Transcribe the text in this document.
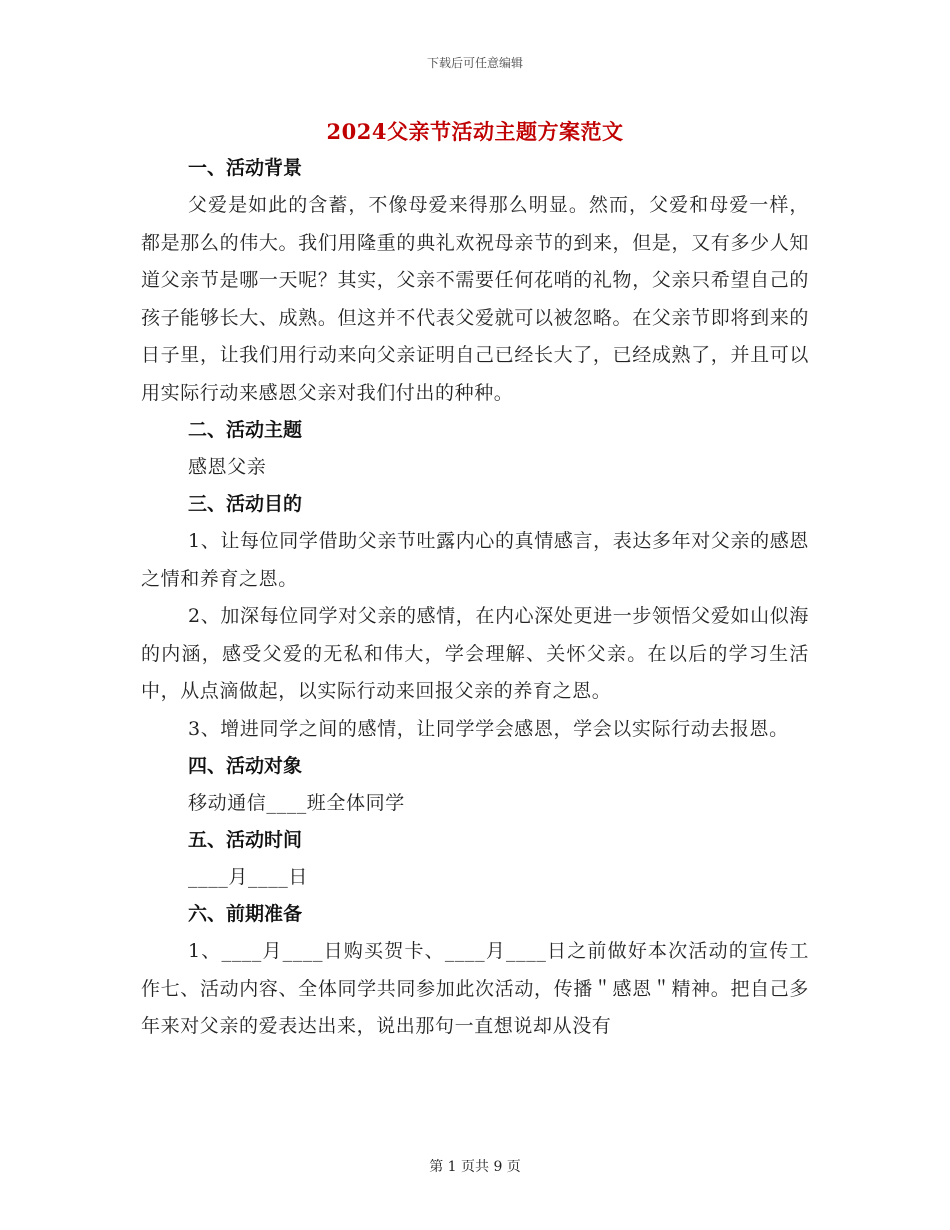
下载后可任意编辑
2024父亲节活动主题方案范文

一、活动背景

父爱是如此的含蓄，不像母爱来得那么明显。然而，父爱和母爱一样，都是那么的伟大。我们用隆重的典礼欢祝母亲节的到来，但是，又有多少人知道父亲节是哪一天呢？其实，父亲不需要任何花哨的礼物，父亲只希望自己的孩子能够长大、成熟。但这并不代表父爱就可以被忽略。在父亲节即将到来的日子里，让我们用行动来向父亲证明自己已经长大了，已经成熟了，并且可以用实际行动来感恩父亲对我们付出的种种。

二、活动主题

感恩父亲

三、活动目的

1、让每位同学借助父亲节吐露内心的真情感言，表达多年对父亲的感恩之情和养育之恩。

2、加深每位同学对父亲的感情，在内心深处更进一步领悟父爱如山似海的内涵，感受父爱的无私和伟大，学会理解、关怀父亲。在以后的学习生活中，从点滴做起，以实际行动来回报父亲的养育之恩。

3、增进同学之间的感情，让同学学会感恩，学会以实际行动去报恩。

四、活动对象

移动通信____班全体同学

五、活动时间

____月____日

六、前期准备

1、____月____日购买贺卡、____月____日之前做好本次活动的宣传工作七、活动内容、全体同学共同参加此次活动，传播＂感恩＂精神。把自己多年来对父亲的爱表达出来，说出那句一直想说却从没有

第 1 页共 9 页
